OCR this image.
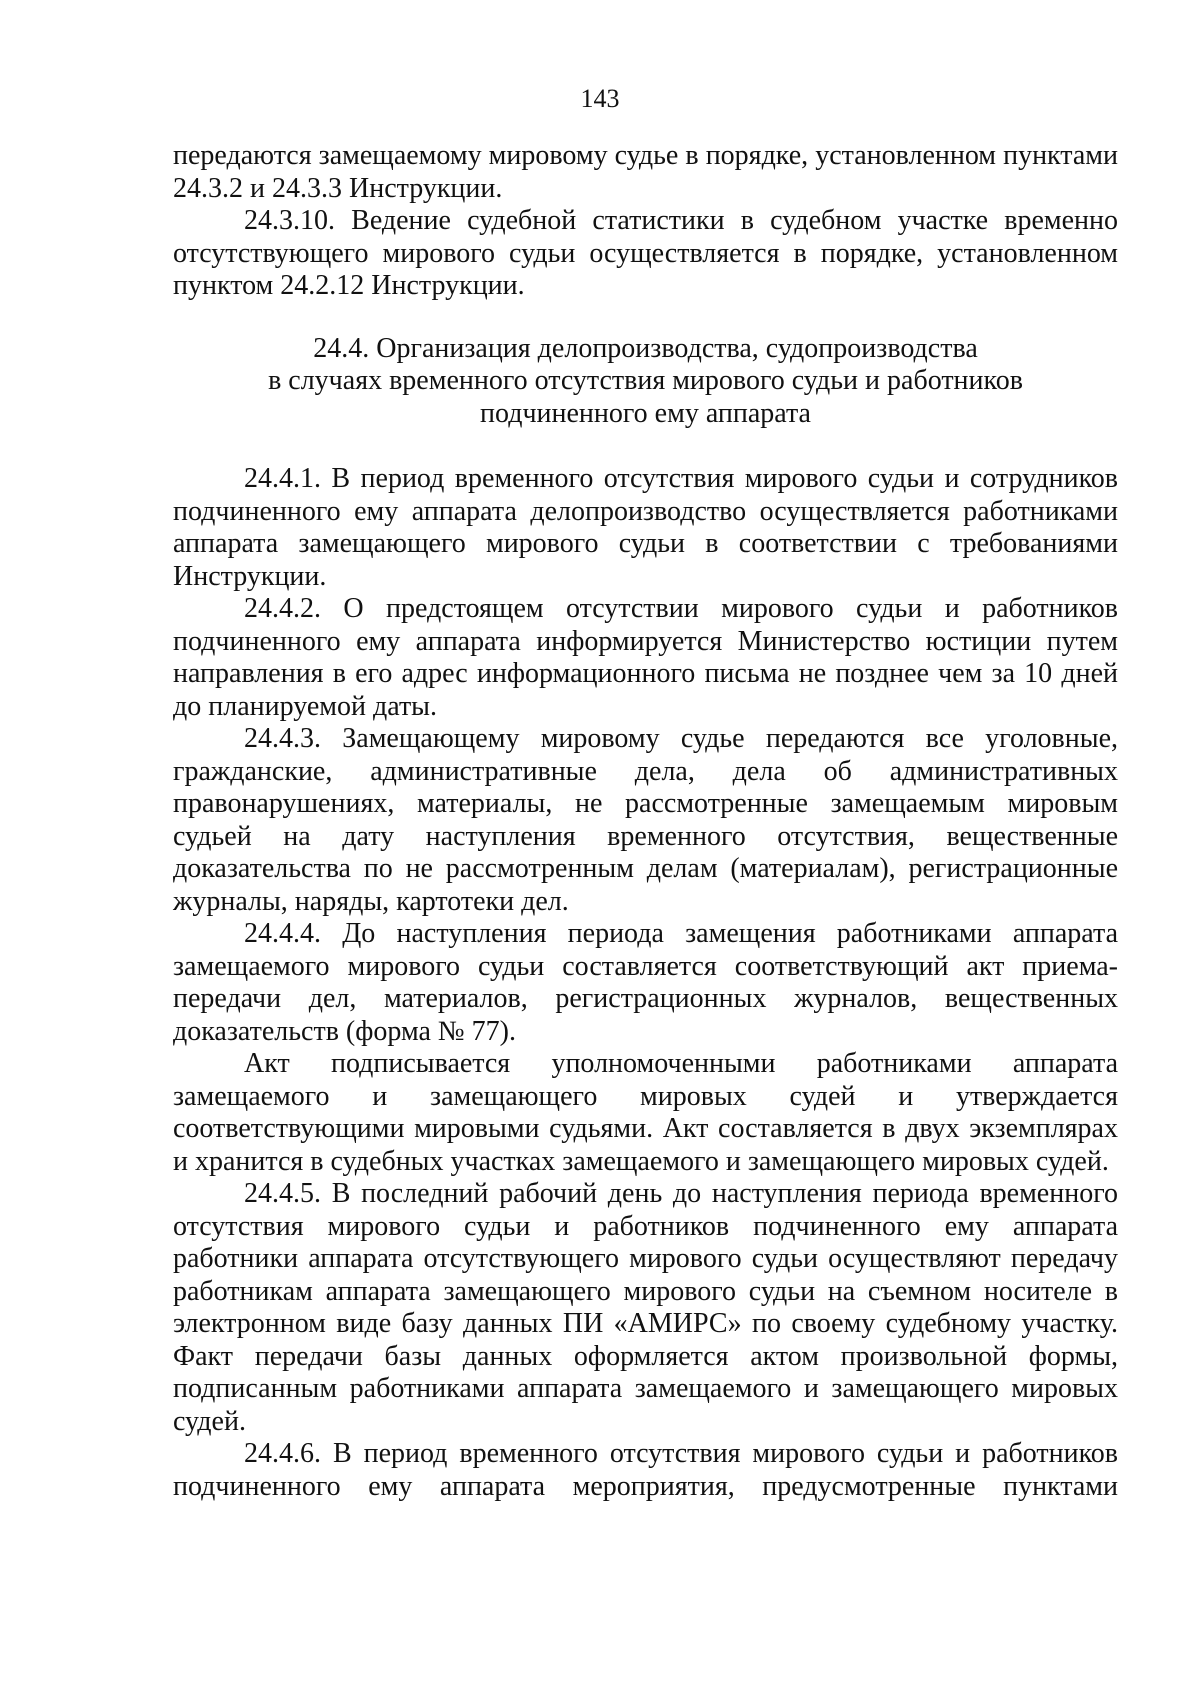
143

передаются замещаемому мировому судье в порядке, установленном пунктами 24.3.2 и 24.3.3 Инструкции.

24.3.10. Ведение судебной статистики в судебном участке временно отсутствующего мирового судьи осуществляется в порядке, установленном пунктом 24.2.12 Инструкции.

24.4. Организация делопроизводства, судопроизводства
в случаях временного отсутствия мирового судьи и работников
подчиненного ему аппарата

24.4.1. В период временного отсутствия мирового судьи и сотрудников подчиненного ему аппарата делопроизводство осуществляется работниками аппарата замещающего мирового судьи в соответствии с требованиями Инструкции.

24.4.2. О предстоящем отсутствии мирового судьи и работников подчиненного ему аппарата информируется Министерство юстиции путем направления в его адрес информационного письма не позднее чем за 10 дней до планируемой даты.

24.4.3. Замещающему мировому судье передаются все уголовные, гражданские, административные дела, дела об административных правонарушениях, материалы, не рассмотренные замещаемым мировым судьей на дату наступления временного отсутствия, вещественные доказательства по не рассмотренным делам (материалам), регистрационные журналы, наряды, картотеки дел.

24.4.4. До наступления периода замещения работниками аппарата замещаемого мирового судьи составляется соответствующий акт приема-передачи дел, материалов, регистрационных журналов, вещественных доказательств (форма № 77).

Акт подписывается уполномоченными работниками аппарата замещаемого и замещающего мировых судей и утверждается соответствующими мировыми судьями. Акт составляется в двух экземплярах и хранится в судебных участках замещаемого и замещающего мировых судей.

24.4.5. В последний рабочий день до наступления периода временного отсутствия мирового судьи и работников подчиненного ему аппарата работники аппарата отсутствующего мирового судьи осуществляют передачу работникам аппарата замещающего мирового судьи на съемном носителе в электронном виде базу данных ПИ «АМИРС» по своему судебному участку. Факт передачи базы данных оформляется актом произвольной формы, подписанным работниками аппарата замещаемого и замещающего мировых судей.

24.4.6. В период временного отсутствия мирового судьи и работников подчиненного ему аппарата мероприятия, предусмотренные пунктами
